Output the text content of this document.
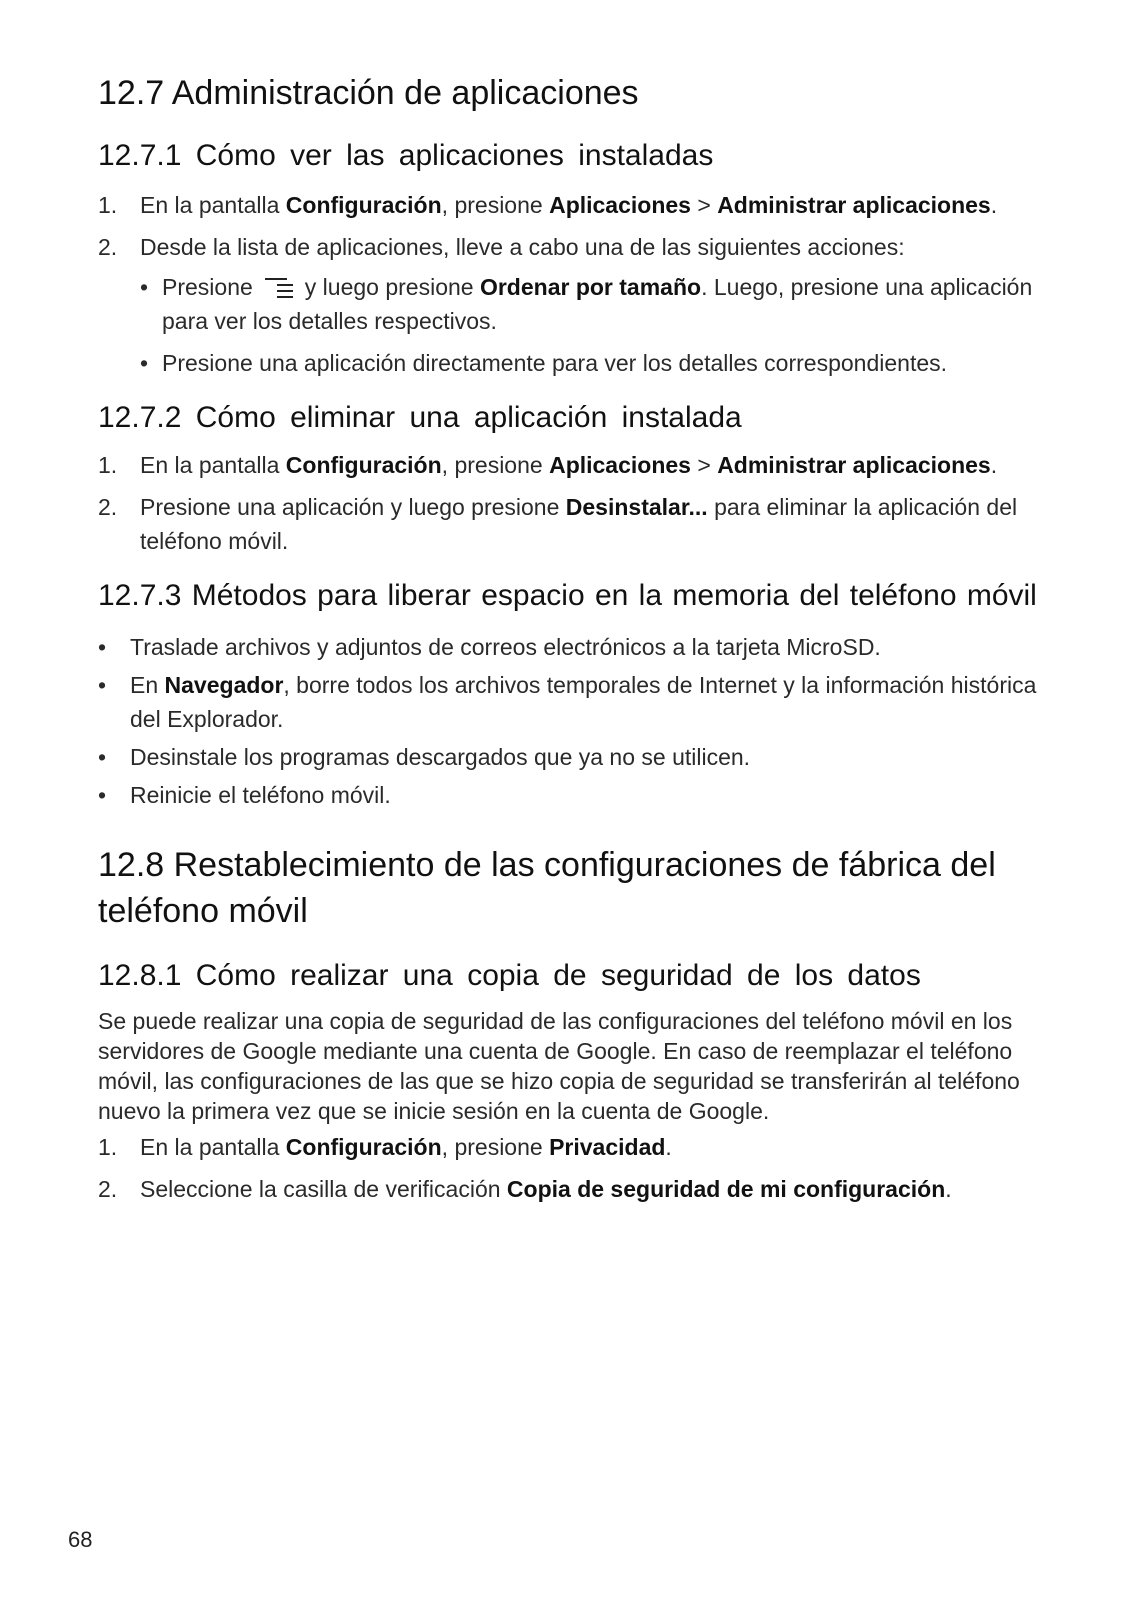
12.7 Administración de aplicaciones
12.7.1 Cómo ver las aplicaciones instaladas
1. En la pantalla Configuración, presione Aplicaciones > Administrar aplicaciones.
2. Desde la lista de aplicaciones, lleve a cabo una de las siguientes acciones:
• Presione y luego presione Ordenar por tamaño. Luego, presione una aplicación para ver los detalles respectivos.
• Presione una aplicación directamente para ver los detalles correspondientes.
12.7.2 Cómo eliminar una aplicación instalada
1. En la pantalla Configuración, presione Aplicaciones > Administrar aplicaciones.
2. Presione una aplicación y luego presione Desinstalar... para eliminar la aplicación del teléfono móvil.
12.7.3 Métodos para liberar espacio en la memoria del teléfono móvil
• Traslade archivos y adjuntos de correos electrónicos a la tarjeta MicroSD.
• En Navegador, borre todos los archivos temporales de Internet y la información histórica del Explorador.
• Desinstale los programas descargados que ya no se utilicen.
• Reinicie el teléfono móvil.
12.8 Restablecimiento de las configuraciones de fábrica del teléfono móvil
12.8.1 Cómo realizar una copia de seguridad de los datos

Se puede realizar una copia de seguridad de las configuraciones del teléfono móvil en los servidores de Google mediante una cuenta de Google. En caso de reemplazar el teléfono móvil, las configuraciones de las que se hizo copia de seguridad se transferirán al teléfono nuevo la primera vez que se inicie sesión en la cuenta de Google.

1. En la pantalla Configuración, presione Privacidad.
2. Seleccione la casilla de verificación Copia de seguridad de mi configuración.
68
